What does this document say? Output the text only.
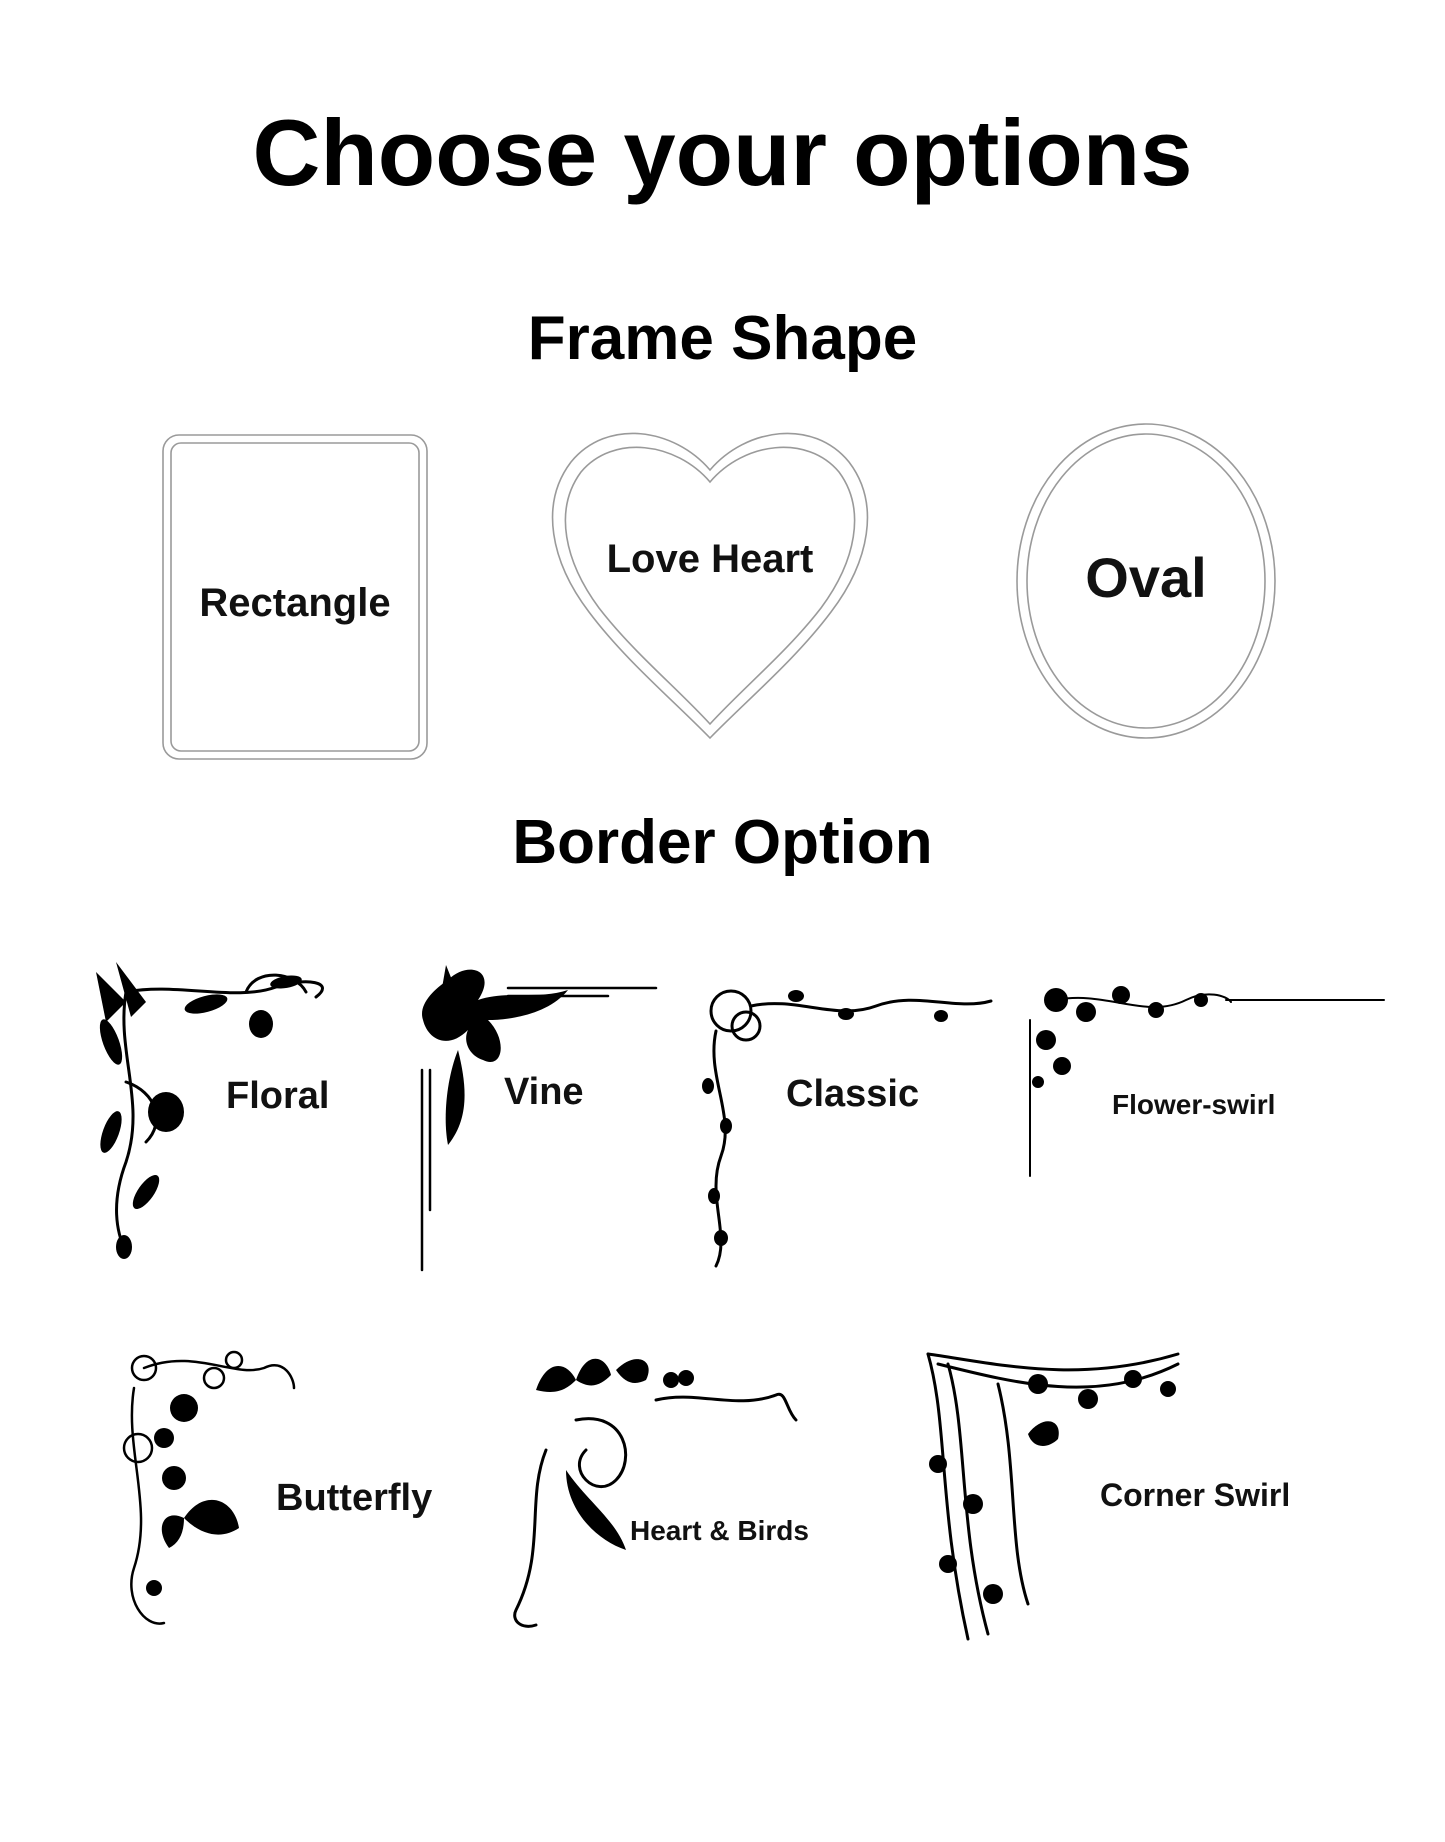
Choose your options
Frame Shape
Rectangle
Love Heart	Oval
Border Option
Floral	Vine	Classic	Flower-swirl
Butterfly
Heart & Birds
Corner Swirl
